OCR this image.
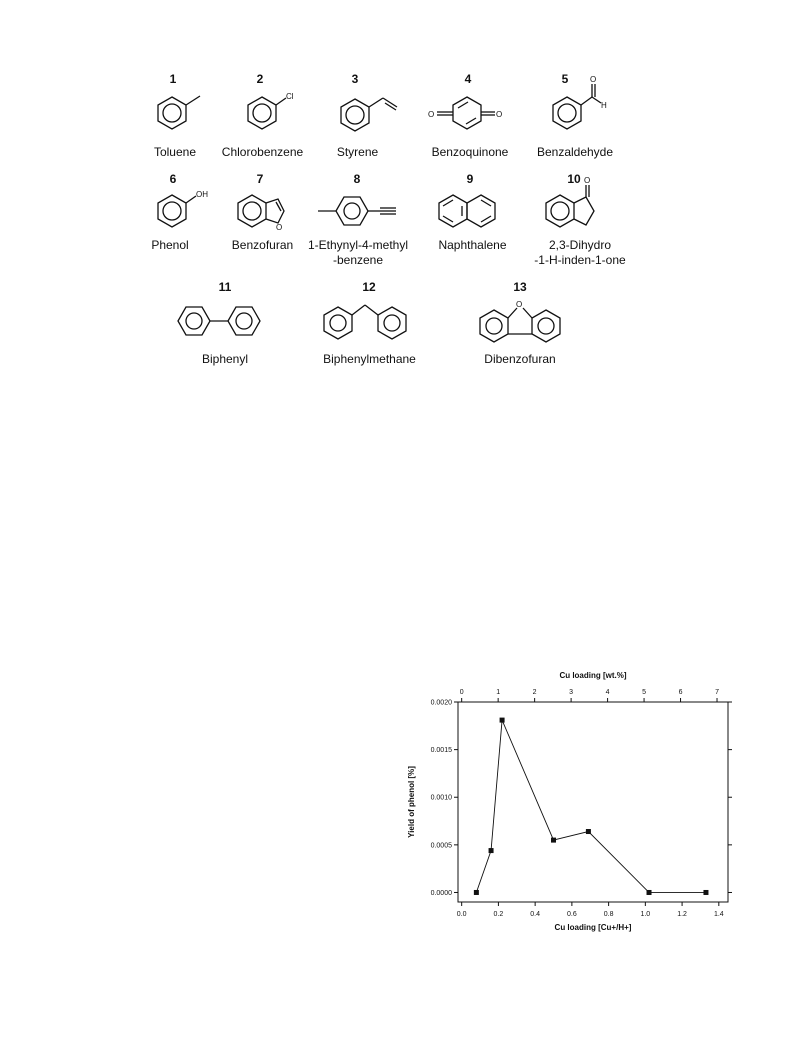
1
Toluene
2
Cl
Chlorobenzene
3
Styrene
4
O	O
Benzoquinone
5	O
H
Benzaldehyde
6
OH
Phenol
7
O
Benzofuran
8
1-Ethynyl-4-methyl
-benzene
9
Naphthalene
10 O
2,3-Dihydro
-1-H-inden-1-one
11
Biphenyl
12
Biphenylmethane
13
O
Dibenzofuran
0.0	0.2	0.4	0.6	0.8	1.0	1.2	1.4
0	1	2	3	4	5	6	7
0.0000
0.0005
0.0010
0.0015
0.0020
Cu loading [Cu+/H+]
Cu loading [wt.%]
Yield of phenol [%]
